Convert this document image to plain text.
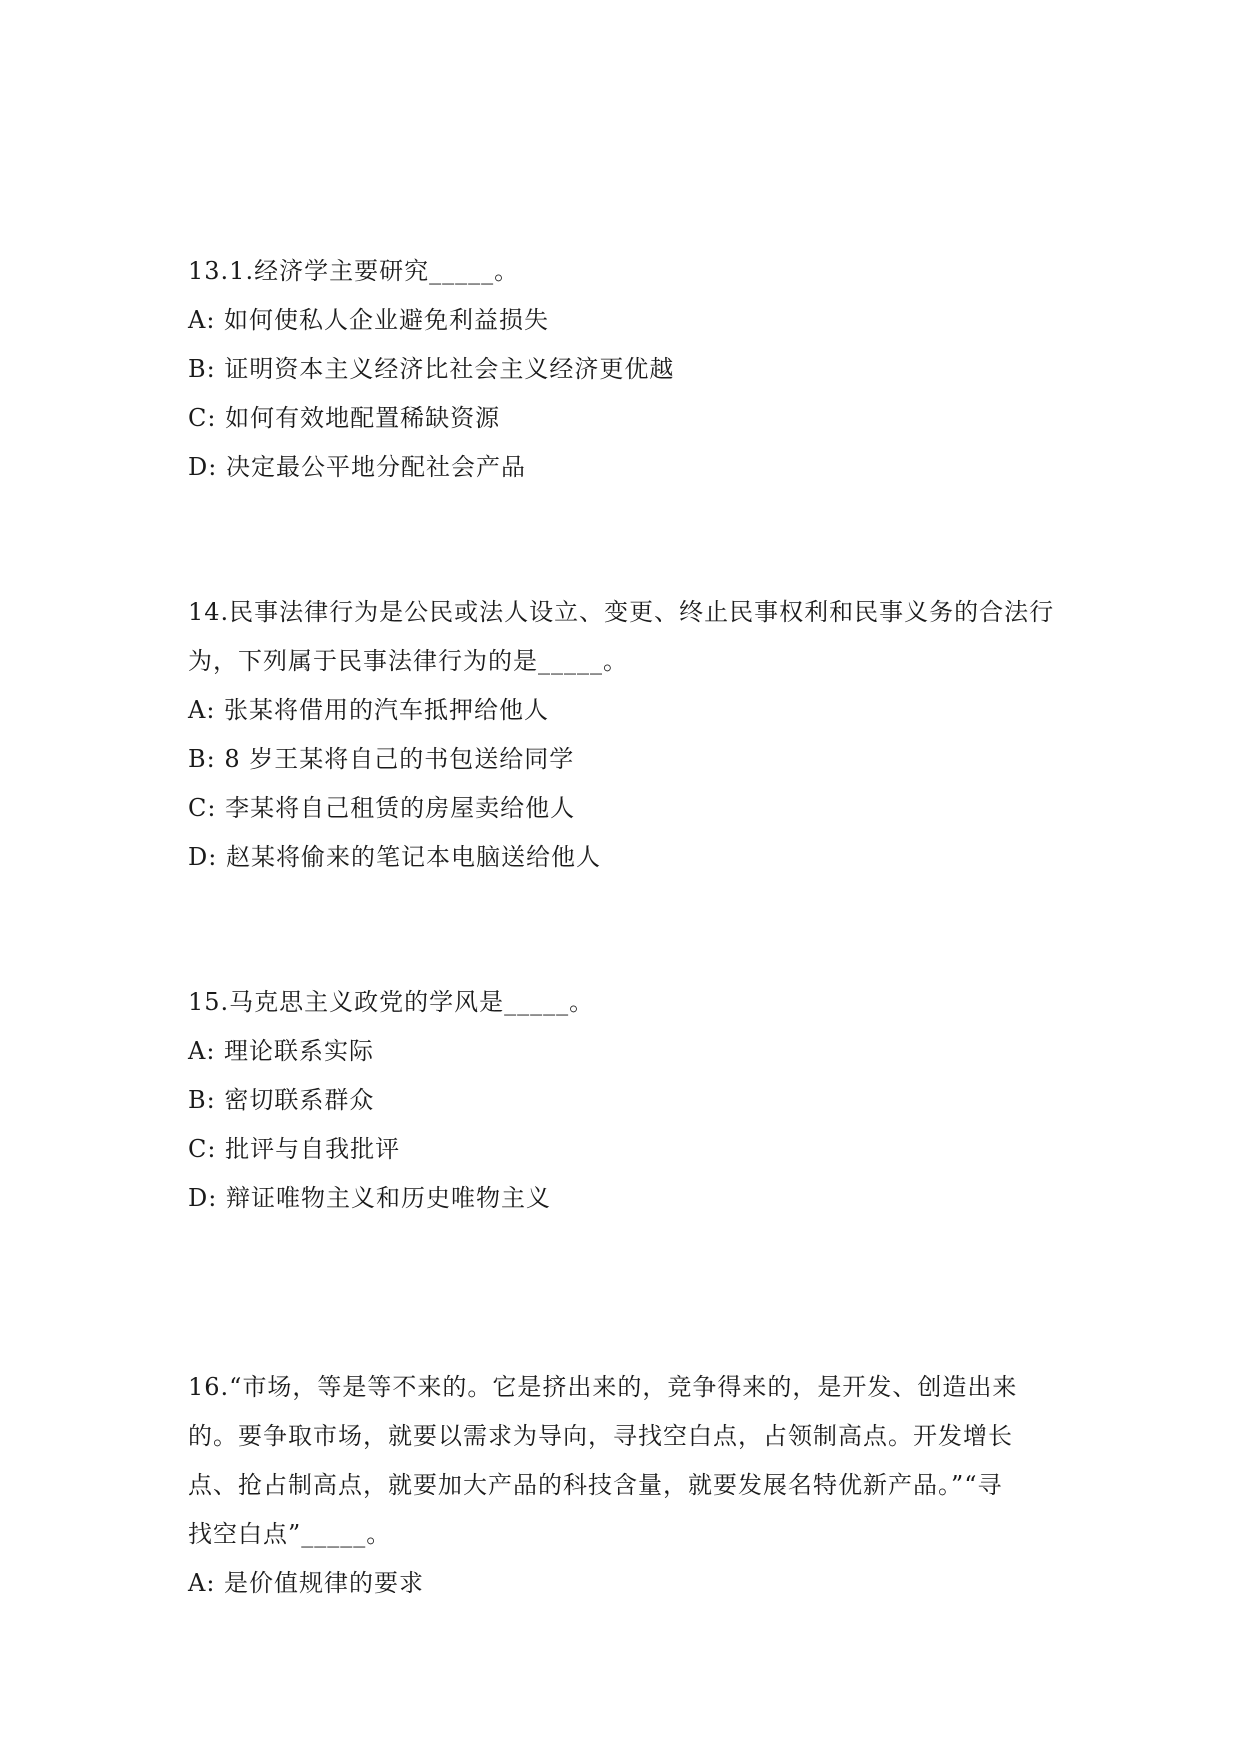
13.1.经济学主要研究_____。
A: 如何使私人企业避免利益损失
B: 证明资本主义经济比社会主义经济更优越
C: 如何有效地配置稀缺资源
D: 决定最公平地分配社会产品
14.民事法律行为是公民或法人设立、变更、终止民事权利和民事义务的合法行
为，下列属于民事法律行为的是_____。
A: 张某将借用的汽车抵押给他人
B: 8 岁王某将自己的书包送给同学
C: 李某将自己租赁的房屋卖给他人
D: 赵某将偷来的笔记本电脑送给他人
15.马克思主义政党的学风是_____。
A: 理论联系实际
B: 密切联系群众
C: 批评与自我批评
D: 辩证唯物主义和历史唯物主义
16.“市场，等是等不来的。它是挤出来的，竞争得来的，是开发、创造出来
的。要争取市场，就要以需求为导向，寻找空白点，占领制高点。开发增长
点、抢占制高点，就要加大产品的科技含量，就要发展名特优新产品。”“寻
找空白点”_____。
A: 是价值规律的要求
